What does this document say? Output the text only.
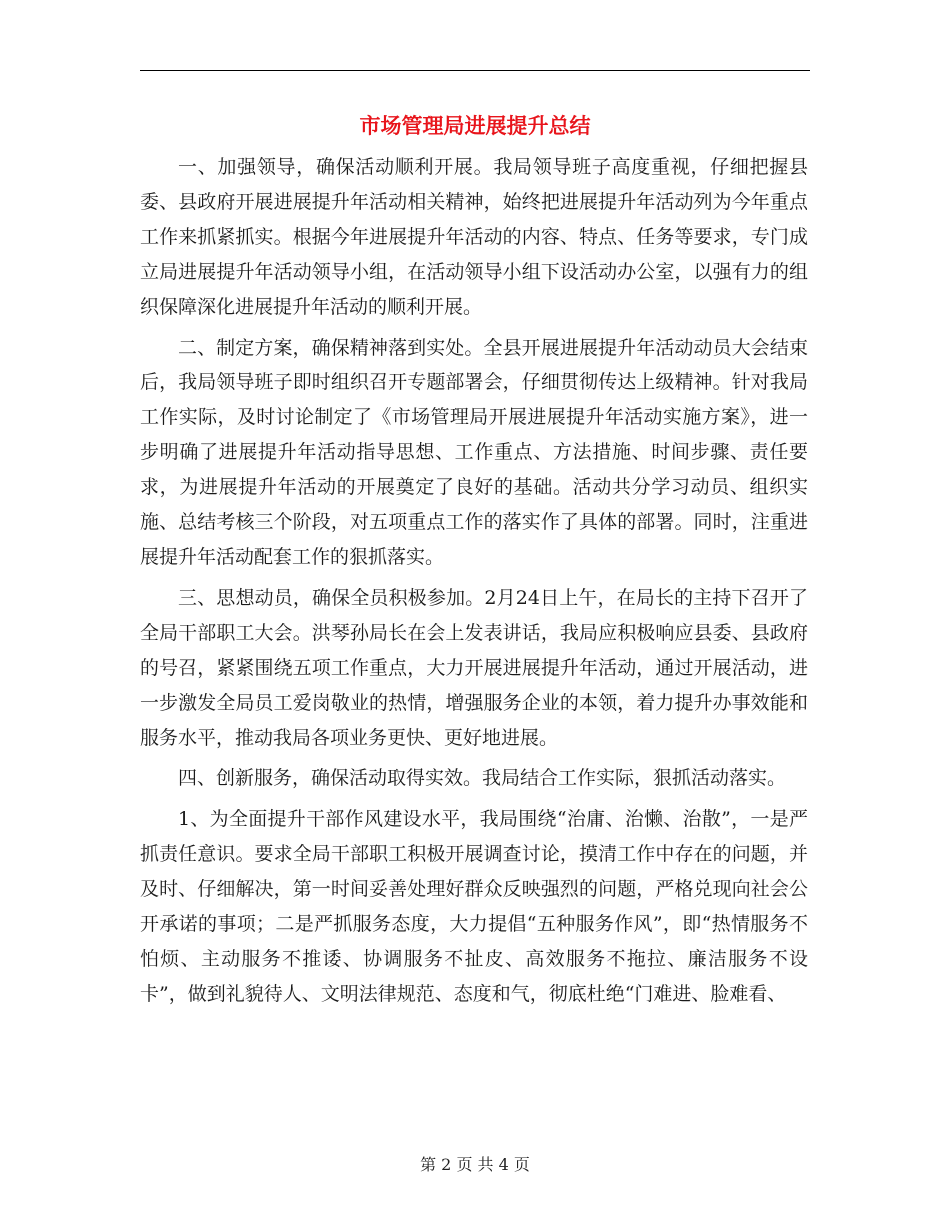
市场管理局进展提升总结

一、加强领导，确保活动顺利开展。我局领导班子高度重视，仔细把握县委、县政府开展进展提升年活动相关精神，始终把进展提升年活动列为今年重点工作来抓紧抓实。根据今年进展提升年活动的内容、特点、任务等要求，专门成立局进展提升年活动领导小组，在活动领导小组下设活动办公室，以强有力的组织保障深化进展提升年活动的顺利开展。

二、制定方案，确保精神落到实处。全县开展进展提升年活动动员大会结束后，我局领导班子即时组织召开专题部署会，仔细贯彻传达上级精神。针对我局工作实际，及时讨论制定了《市场管理局开展进展提升年活动实施方案》，进一步明确了进展提升年活动指导思想、工作重点、方法措施、时间步骤、责任要求，为进展提升年活动的开展奠定了良好的基础。活动共分学习动员、组织实施、总结考核三个阶段，对五项重点工作的落实作了具体的部署。同时，注重进展提升年活动配套工作的狠抓落实。

三、思想动员，确保全员积极参加。2月24日上午，在局长的主持下召开了全局干部职工大会。洪琴孙局长在会上发表讲话，我局应积极响应县委、县政府的号召，紧紧围绕五项工作重点，大力开展进展提升年活动，通过开展活动，进一步激发全局员工爱岗敬业的热情，增强服务企业的本领，着力提升办事效能和服务水平，推动我局各项业务更快、更好地进展。

四、创新服务，确保活动取得实效。我局结合工作实际，狠抓活动落实。

1、为全面提升干部作风建设水平，我局围绕“治庸、治懒、治散”，一是严抓责任意识。要求全局干部职工积极开展调查讨论，摸清工作中存在的问题，并及时、仔细解决，第一时间妥善处理好群众反映强烈的问题，严格兑现向社会公开承诺的事项；二是严抓服务态度，大力提倡“五种服务作风”，即“热情服务不怕烦、主动服务不推诿、协调服务不扯皮、高效服务不拖拉、廉洁服务不设卡”，做到礼貌待人、文明法律规范、态度和气，彻底杜绝“门难进、脸难看、

第 2 页 共 4 页
